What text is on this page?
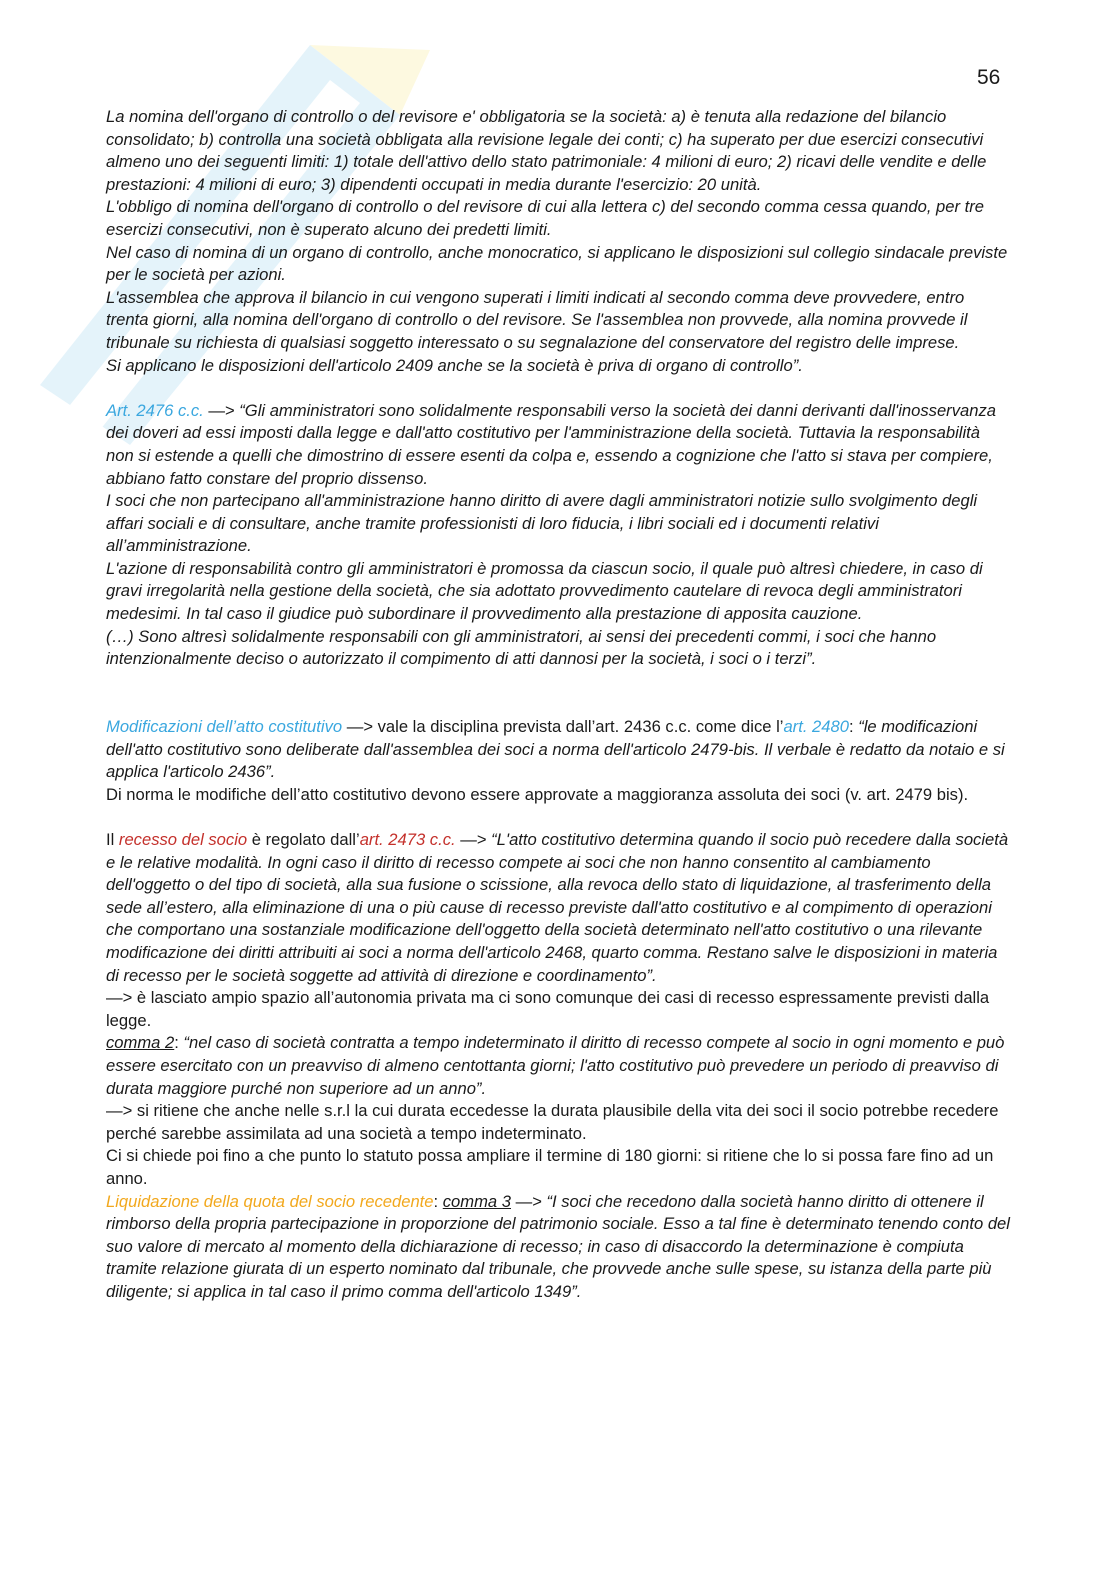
56

La nomina dell'organo di controllo o del revisore e' obbligatoria se la società: a) è tenuta alla redazione del bilancio consolidato; b) controlla una società obbligata alla revisione legale dei conti; c) ha superato per due esercizi consecutivi almeno uno dei seguenti limiti: 1) totale dell'attivo dello stato patrimoniale: 4 milioni di euro; 2) ricavi delle vendite e delle prestazioni: 4 milioni di euro; 3) dipendenti occupati in media durante l'esercizio: 20 unità.

L'obbligo di nomina dell'organo di controllo o del revisore di cui alla lettera c) del secondo comma cessa quando, per tre esercizi consecutivi, non è superato alcuno dei predetti limiti.

Nel caso di nomina di un organo di controllo, anche monocratico, si applicano le disposizioni sul collegio sindacale previste per le società per azioni.

L'assemblea che approva il bilancio in cui vengono superati i limiti indicati al secondo comma deve provvedere, entro trenta giorni, alla nomina dell'organo di controllo o del revisore. Se l'assemblea non provvede, alla nomina provvede il tribunale su richiesta di qualsiasi soggetto interessato o su segnalazione del conservatore del registro delle imprese.

Si applicano le disposizioni dell'articolo 2409 anche se la società è priva di organo di controllo”.

Art. 2476 c.c. —> “Gli amministratori sono solidalmente responsabili verso la società dei danni derivanti dall'inosservanza dei doveri ad essi imposti dalla legge e dall'atto costitutivo per l'amministrazione della società. Tuttavia la responsabilità non si estende a quelli che dimostrino di essere esenti da colpa e, essendo a cognizione che l'atto si stava per compiere, abbiano fatto constare del proprio dissenso.

I soci che non partecipano all'amministrazione hanno diritto di avere dagli amministratori notizie sullo svolgimento degli affari sociali e di consultare, anche tramite professionisti di loro fiducia, i libri sociali ed i documenti relativi all’amministrazione.

L'azione di responsabilità contro gli amministratori è promossa da ciascun socio, il quale può altresì chiedere, in caso di gravi irregolarità nella gestione della società, che sia adottato provvedimento cautelare di revoca degli amministratori medesimi. In tal caso il giudice può subordinare il provvedimento alla prestazione di apposita cauzione.

(…) Sono altresì solidalmente responsabili con gli amministratori, ai sensi dei precedenti commi, i soci che hanno intenzionalmente deciso o autorizzato il compimento di atti dannosi per la società, i soci o i terzi”.

Modificazioni dell’atto costitutivo —> vale la disciplina prevista dall’art. 2436 c.c. come dice l’art. 2480: “le modificazioni dell'atto costitutivo sono deliberate dall'assemblea dei soci a norma dell'articolo 2479-bis. Il verbale è redatto da notaio e si applica l'articolo 2436”.

Di norma le modifiche dell’atto costitutivo devono essere approvate a maggioranza assoluta dei soci (v. art. 2479 bis).

Il recesso del socio è regolato dall’art. 2473 c.c. —> “L'atto costitutivo determina quando il socio può recedere dalla società e le relative modalità. In ogni caso il diritto di recesso compete ai soci che non hanno consentito al cambiamento dell'oggetto o del tipo di società, alla sua fusione o scissione, alla revoca dello stato di liquidazione, al trasferimento della sede all’estero, alla eliminazione di una o più cause di recesso previste dall'atto costitutivo e al compimento di operazioni che comportano una sostanziale modificazione dell'oggetto della società determinato nell'atto costitutivo o una rilevante modificazione dei diritti attribuiti ai soci a norma dell'articolo 2468, quarto comma. Restano salve le disposizioni in materia di recesso per le società soggette ad attività di direzione e coordinamento”.

—> è lasciato ampio spazio all’autonomia privata ma ci sono comunque dei casi di recesso espressamente previsti dalla legge.

comma 2: “nel caso di società contratta a tempo indeterminato il diritto di recesso compete al socio in ogni momento e può essere esercitato con un preavviso di almeno centottanta giorni; l'atto costitutivo può prevedere un periodo di preavviso di durata maggiore purché non superiore ad un anno”.

—> si ritiene che anche nelle s.r.l la cui durata eccedesse la durata plausibile della vita dei soci il socio potrebbe recedere perché sarebbe assimilata ad una società a tempo indeterminato.

Ci si chiede poi fino a che punto lo statuto possa ampliare il termine di 180 giorni: si ritiene che lo si possa fare fino ad un anno.

Liquidazione della quota del socio recedente: comma 3 —> “I soci che recedono dalla società hanno diritto di ottenere il rimborso della propria partecipazione in proporzione del patrimonio sociale. Esso a tal fine è determinato tenendo conto del suo valore di mercato al momento della dichiarazione di recesso; in caso di disaccordo la determinazione è compiuta tramite relazione giurata di un esperto nominato dal tribunale, che provvede anche sulle spese, su istanza della parte più diligente; si applica in tal caso il primo comma dell'articolo 1349”.
